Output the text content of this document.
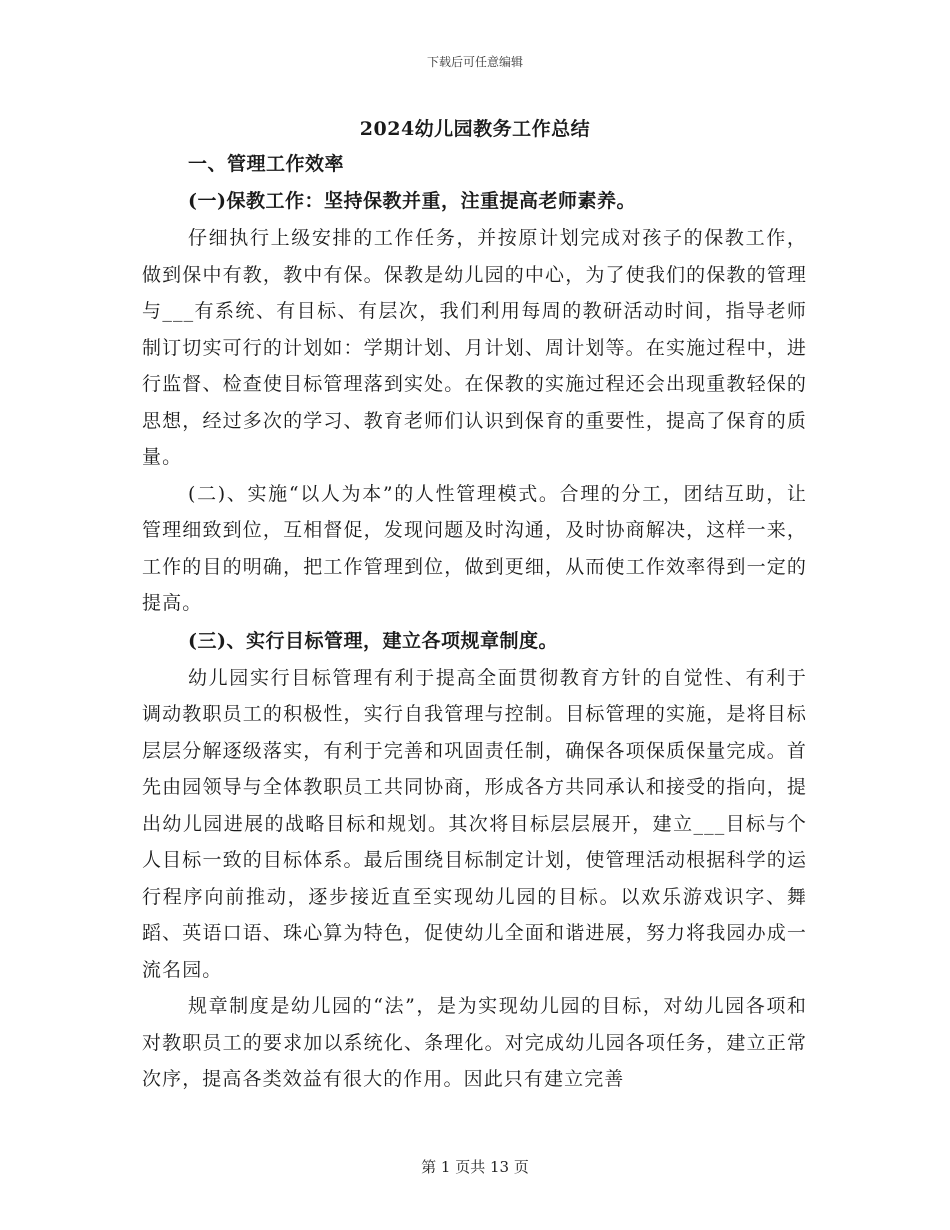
下载后可任意编辑
2024幼儿园教务工作总结

一、管理工作效率

(一)保教工作：坚持保教并重，注重提高老师素养。

仔细执行上级安排的工作任务，并按原计划完成对孩子的保教工作，做到保中有教，教中有保。保教是幼儿园的中心，为了使我们的保教的管理与___有系统、有目标、有层次，我们利用每周的教研活动时间，指导老师制订切实可行的计划如：学期计划、月计划、周计划等。在实施过程中，进行监督、检查使目标管理落到实处。在保教的实施过程还会出现重教轻保的思想，经过多次的学习、教育老师们认识到保育的重要性，提高了保育的质量。

(二)、实施“以人为本”的人性管理模式。合理的分工，团结互助，让管理细致到位，互相督促，发现问题及时沟通，及时协商解决，这样一来，工作的目的明确，把工作管理到位，做到更细，从而使工作效率得到一定的提高。

(三)、实行目标管理，建立各项规章制度。

幼儿园实行目标管理有利于提高全面贯彻教育方针的自觉性、有利于调动教职员工的积极性，实行自我管理与控制。目标管理的实施，是将目标层层分解逐级落实，有利于完善和巩固责任制，确保各项保质保量完成。首先由园领导与全体教职员工共同协商，形成各方共同承认和接受的指向，提出幼儿园进展的战略目标和规划。其次将目标层层展开，建立___目标与个人目标一致的目标体系。最后围绕目标制定计划，使管理活动根据科学的运行程序向前推动，逐步接近直至实现幼儿园的目标。以欢乐游戏识字、舞蹈、英语口语、珠心算为特色，促使幼儿全面和谐进展，努力将我园办成一流名园。

规章制度是幼儿园的“法”，是为实现幼儿园的目标，对幼儿园各项和对教职员工的要求加以系统化、条理化。对完成幼儿园各项任务，建立正常次序，提高各类效益有很大的作用。因此只有建立完善

第 1 页共 13 页
